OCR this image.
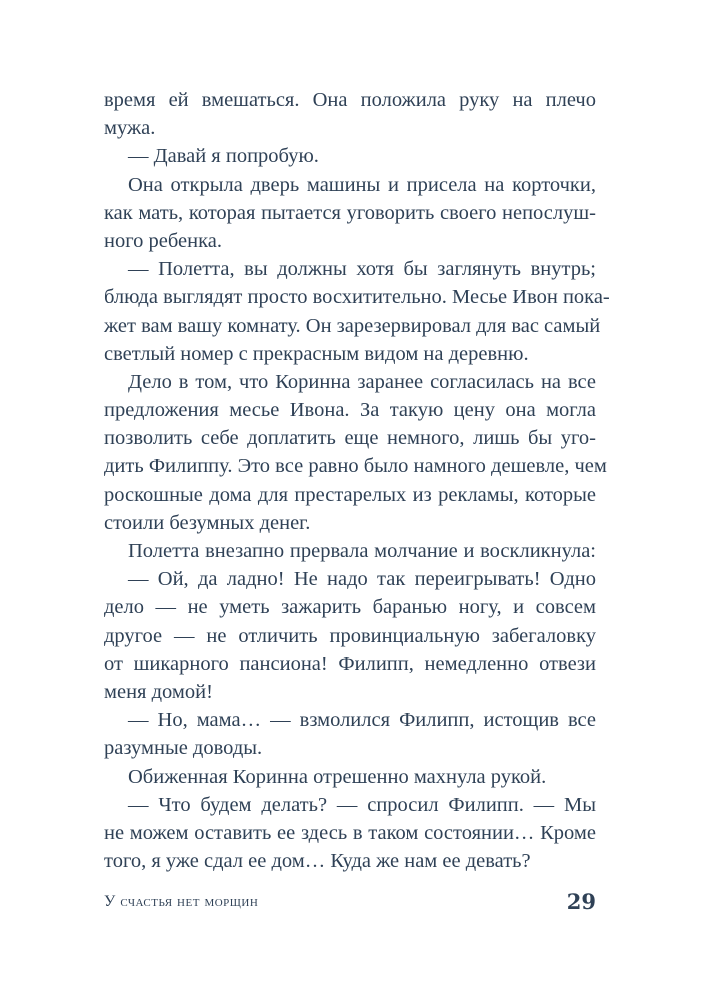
время ей вмешаться. Она положила руку на плечо
мужа.
— Давай я попробую.
Она открыла дверь машины и присела на корточки,
как мать, которая пытается уговорить своего непослуш-
ного ребенка.
— Полетта, вы должны хотя бы заглянуть внутрь;
блюда выглядят просто восхитительно. Месье Ивон пока-
жет вам вашу комнату. Он зарезервировал для вас самый
светлый номер с прекрасным видом на деревню.
Дело в том, что Коринна заранее согласилась на все
предложения месье Ивона. За такую цену она могла
позволить себе доплатить еще немного, лишь бы уго-
дить Филиппу. Это все равно было намного дешевле, чем
роскошные дома для престарелых из рекламы, которые
стоили безумных денег.
Полетта внезапно прервала молчание и воскликнула:
— Ой, да ладно! Не надо так переигрывать! Одно
дело — не уметь зажарить баранью ногу, и совсем
другое — не отличить провинциальную забегаловку
от шикарного пансиона! Филипп, немедленно отвези
меня домой!
— Но, мама… — взмолился Филипп, истощив все
разумные доводы.
Обиженная Коринна отрешенно махнула рукой.
— Что будем делать? — спросил Филипп. — Мы
не можем оставить ее здесь в таком состоянии… Кроме
того, я уже сдал ее дом… Куда же нам ее девать?
У счастья нет морщин	29
